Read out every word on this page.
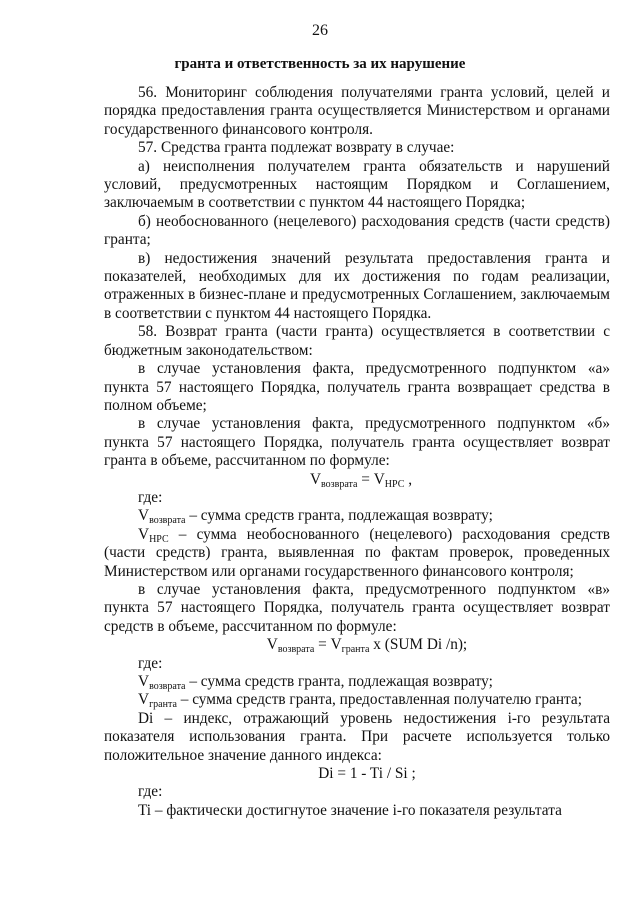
26
гранта и ответственность за их нарушение

56. Мониторинг соблюдения получателями гранта условий, целей и порядка предоставления гранта осуществляется Министерством и органами государственного финансового контроля.

57. Средства гранта подлежат возврату в случае:

а) неисполнения получателем гранта обязательств и нарушений условий, предусмотренных настоящим Порядком и Соглашением, заключаемым в соответствии с пунктом 44 настоящего Порядка;

б) необоснованного (нецелевого) расходования средств (части средств) гранта;

в) недостижения значений результата предоставления гранта и показателей, необходимых для их достижения по годам реализации, отраженных в бизнес-плане и предусмотренных Соглашением, заключаемым в соответствии с пунктом 44 настоящего Порядка.

58. Возврат гранта (части гранта) осуществляется в соответствии с бюджетным законодательством:

в случае установления факта, предусмотренного подпунктом «а» пункта 57 настоящего Порядка, получатель гранта возвращает средства в полном объеме;

в случае установления факта, предусмотренного подпунктом «б» пункта 57 настоящего Порядка, получатель гранта осуществляет возврат гранта в объеме, рассчитанном по формуле:

$V_{возврата} = V_{НРС}$ ,

где:

$V_{возврата}$ – сумма средств гранта, подлежащая возврату;

$V_{НРС}$ – сумма необоснованного (нецелевого) расходования средств (части средств) гранта, выявленная по фактам проверок, проведенных Министерством или органами государственного финансового контроля;

в случае установления факта, предусмотренного подпунктом «в» пункта 57 настоящего Порядка, получатель гранта осуществляет возврат средств в объеме, рассчитанном по формуле:

$V_{возврата} = V_{гранта}$ x (SUM Di /n);

где:

$V_{возврата}$ – сумма средств гранта, подлежащая возврату;

$V_{гранта}$ – сумма средств гранта, предоставленная получателю гранта;

Di – индекс, отражающий уровень недостижения i-го результата показателя использования гранта. При расчете используется только положительное значение данного индекса:

Di = 1 - Ti / Si ;

где:

Ti – фактически достигнутое значение i-го показателя результата
